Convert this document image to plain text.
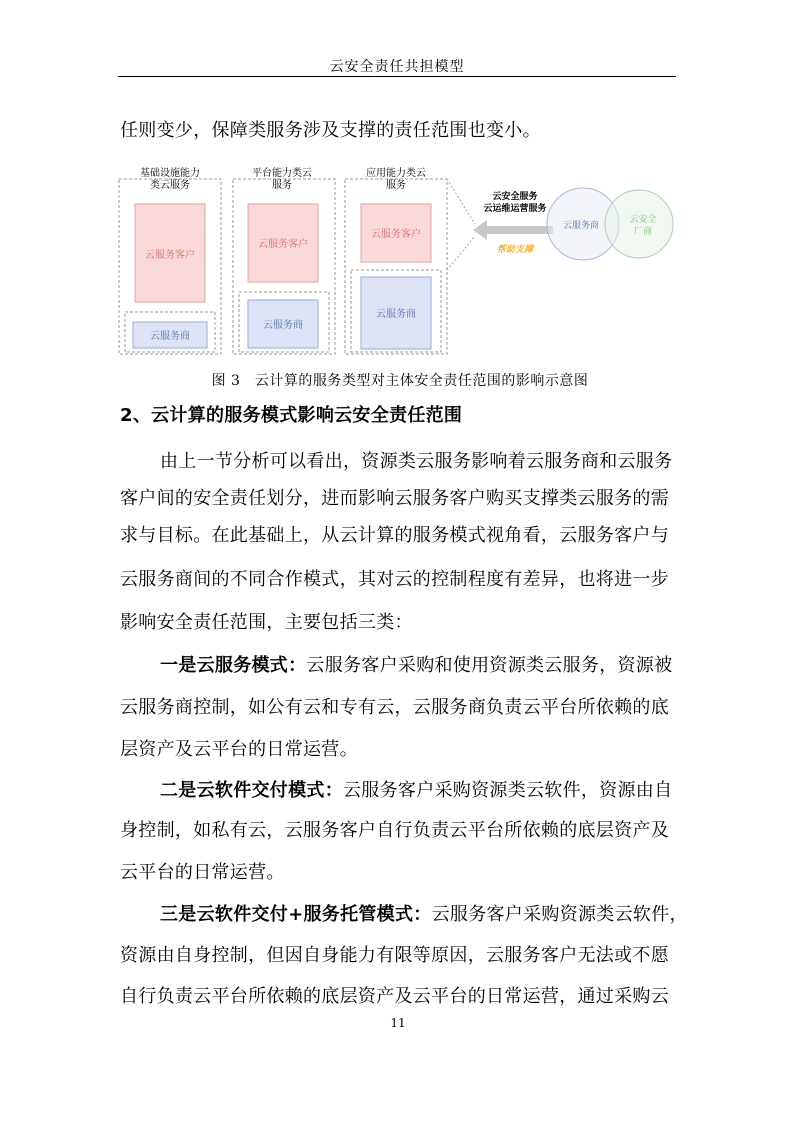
云安全责任共担模型
任则变少，保障类服务涉及支撑的责任范围也变小。
基础设施能力
类云服务
云服务客户
云服务商
平台能力类云
服务
云服务客户
云服务商
应用能力类云
服务
云服务客户
云服务商
云安全服务
云运维运营服务
帮助支撑
云服务商
云安全
厂商
图 3　云计算的服务类型对主体安全责任范围的影响示意图
2、云计算的服务模式影响云安全责任范围
由上一节分析可以看出，资源类云服务影响着云服务商和云服务
客户间的安全责任划分，进而影响云服务客户购买支撑类云服务的需
求与目标。在此基础上，从云计算的服务模式视角看，云服务客户与
云服务商间的不同合作模式，其对云的控制程度有差异，也将进一步
影响安全责任范围，主要包括三类：
一是云服务模式：云服务客户采购和使用资源类云服务，资源被
云服务商控制，如公有云和专有云，云服务商负责云平台所依赖的底
层资产及云平台的日常运营。
二是云软件交付模式：云服务客户采购资源类云软件，资源由自
身控制，如私有云，云服务客户自行负责云平台所依赖的底层资产及
云平台的日常运营。
三是云软件交付+服务托管模式：云服务客户采购资源类云软件，
资源由自身控制，但因自身能力有限等原因，云服务客户无法或不愿
自行负责云平台所依赖的底层资产及云平台的日常运营，通过采购云
11
